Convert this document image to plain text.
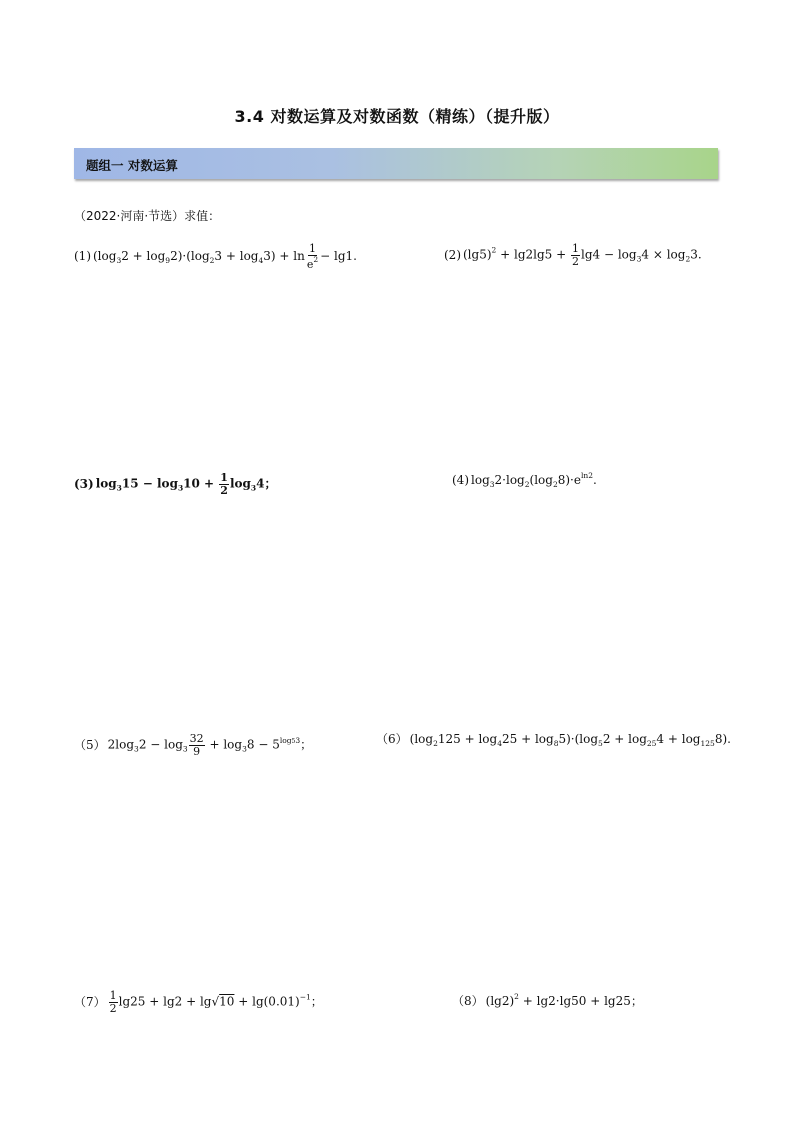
3.4 对数运算及对数函数（精练）（提升版）
题组一 对数运算
（2022·河南·节选）求值：
(1) $(\log_32 + \log_92)\cdot(\log_23 + \log_43) + \ln \frac{1}{e^2} - \lg 1$.	(2) $(\lg 5)^2 + \lg 2\lg 5 + \frac{1}{2} \lg 4 - \log_34 \times \log_23$.
(3) $\log_315 - \log_310 + \frac{1}{2} \log_34$；	(4) $\log_32\cdot\log_2(\log_28)\cdot e^{ln2}$.
（5） $2\log_32 - \log_3 \frac{32}{9} + \log_38 - 5^{log53}$；	（6） $(\log_2125 + \log_425 + \log_85)\cdot(\log_52 + \log_{25}4 + \log_{125}8)$.
$(7) \frac{1}{2} \lg 25 + \lg 2 + \lg√10 + \lg(0.01)^{-1}$；	（8） $(\lg 2)^2 + \lg 2\cdot\lg 50 + \lg 25$；
